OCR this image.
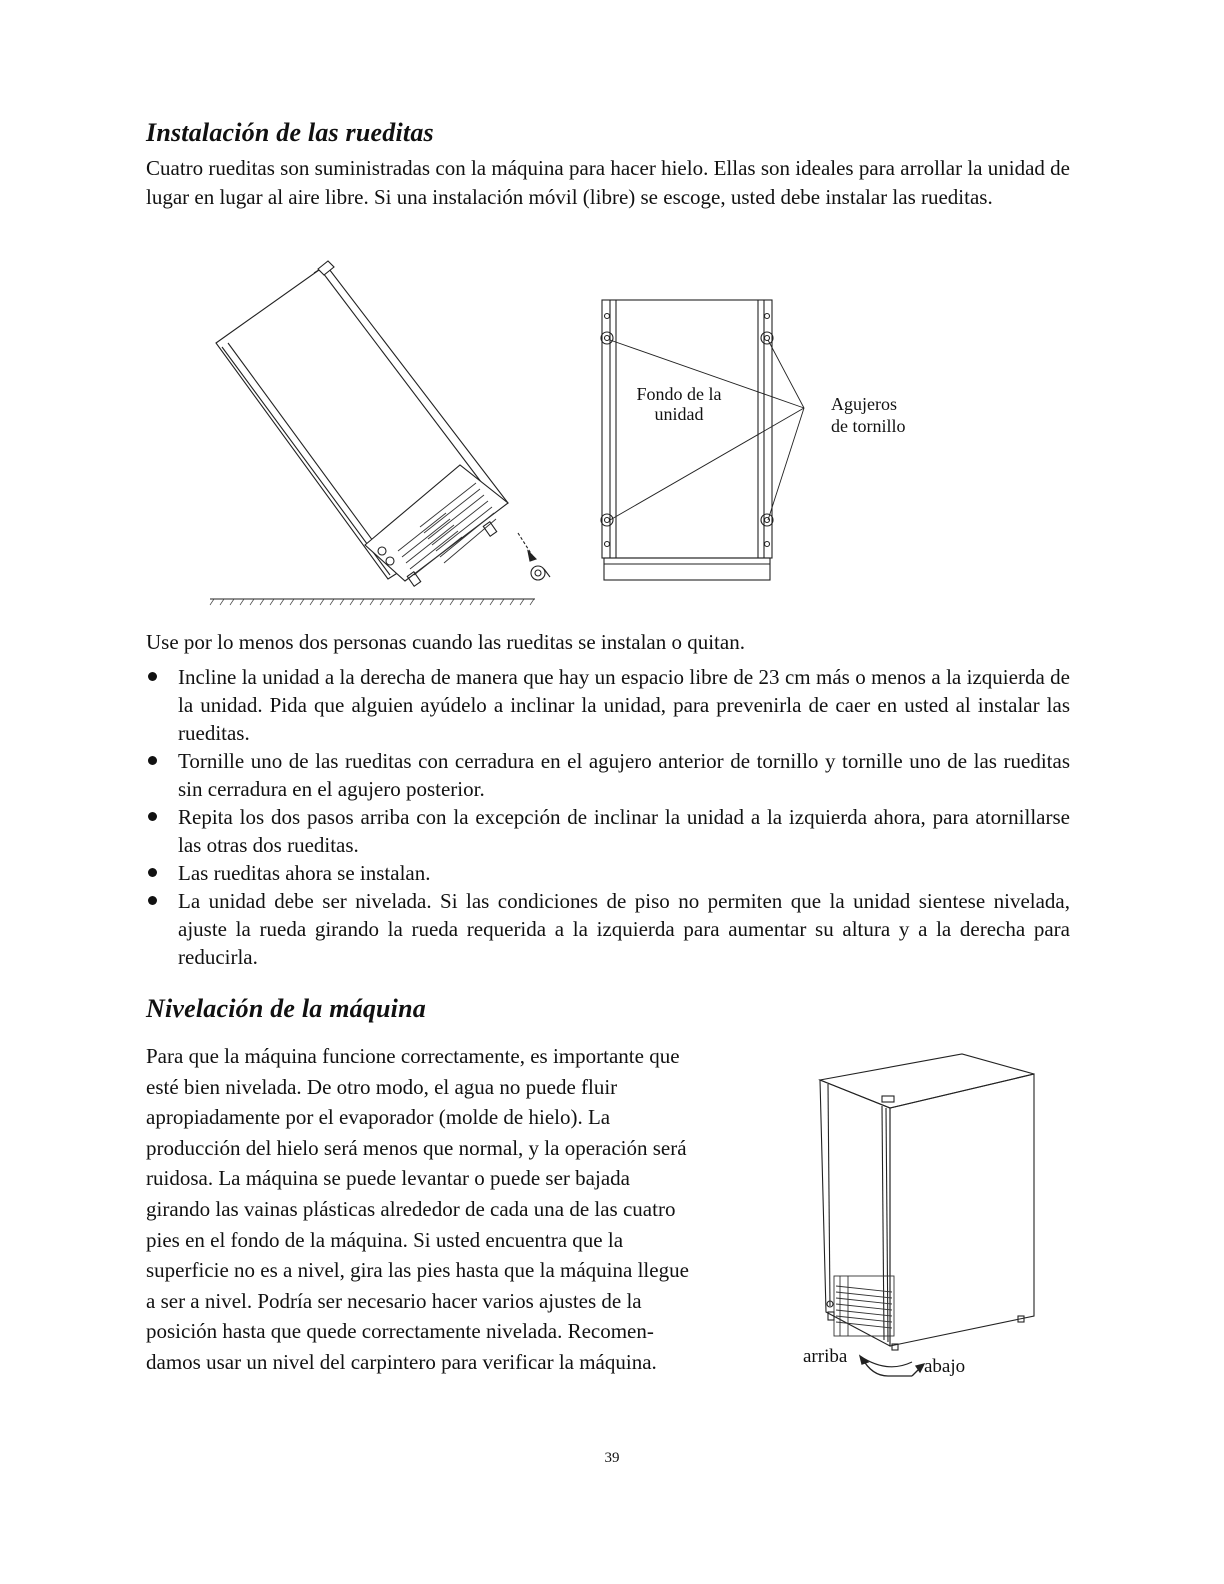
Instalación de las rueditas

Cuatro rueditas son suministradas con la máquina para hacer hielo. Ellas son ideales para arrollar la unidad de lugar en lugar al aire libre. Si una instalación móvil (libre) se escoge, usted debe instalar las rueditas.

Fondo de la
unidad	Agujeros
de tornillo

Use por lo menos dos personas cuando las rueditas se instalan o quitan.

Incline la unidad a la derecha de manera que hay un espacio libre de 23 cm más o menos a la izquierda de la unidad. Pida que alguien ayúdelo a inclinar la unidad, para prevenirla de caer en usted al instalar las rueditas.
Tornille uno de las rueditas con cerradura en el agujero anterior de tornillo y tornille uno de las rueditas sin cerradura en el agujero posterior.
Repita los dos pasos arriba con la excepción de inclinar la unidad a la izquierda ahora, para atornillarse las otras dos rueditas.
Las rueditas ahora se instalan.
La unidad debe ser nivelada. Si las condiciones de piso no permiten que la unidad sientese nivelada, ajuste la rueda girando la rueda requerida a la izquierda para aumentar su altura y a la derecha para reducirla.
Nivelación de la máquina
Para que la máquina funcione correctamente, es importante que
esté bien nivelada. De otro modo, el agua no puede fluir
apropiadamente por el evaporador (molde de hielo). La
producción del hielo será menos que normal, y la operación será
ruidosa. La máquina se puede levantar o puede ser bajada
girando las vainas plásticas alrededor de cada una de las cuatro
pies en el fondo de la máquina. Si usted encuentra que la
superficie no es a nivel, gira las pies hasta que la máquina llegue
a ser a nivel. Podría ser necesario hacer varios ajustes de la
posición hasta que quede correctamente nivelada. Recomen-
damos usar un nivel del carpintero para verificar la máquina.	arriba	abajo
39
